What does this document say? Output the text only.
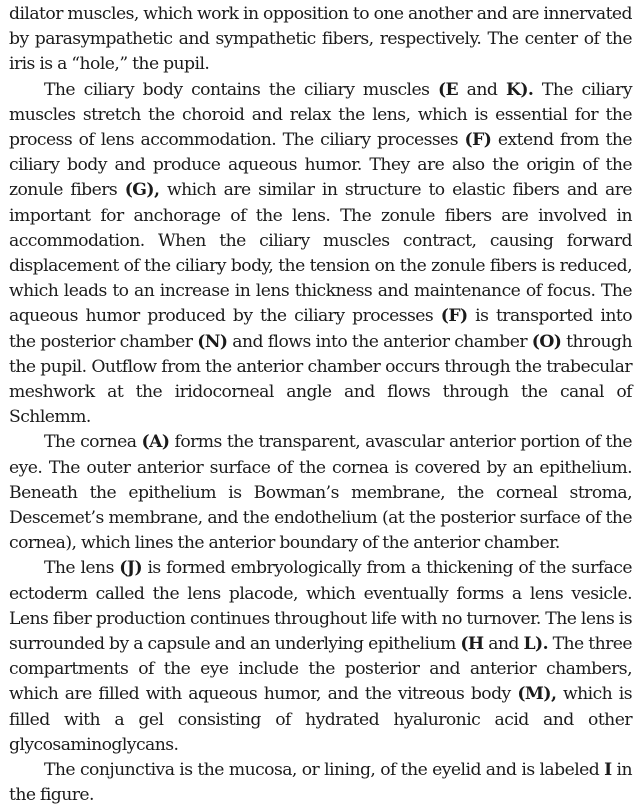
dilator muscles, which work in opposition to one another and are innervated by parasympathetic and sympathetic fibers, respectively. The center of the iris is a “hole,” the pupil.

The ciliary body contains the ciliary muscles (E and K). The ciliary muscles stretch the choroid and relax the lens, which is essential for the process of lens accommodation. The ciliary processes (F) extend from the ciliary body and produce aqueous humor. They are also the origin of the zonule fibers (G), which are similar in structure to elastic fibers and are important for anchorage of the lens. The zonule fibers are involved in accommodation. When the ciliary muscles contract, causing forward displacement of the ciliary body, the tension on the zonule fibers is reduced, which leads to an increase in lens thickness and maintenance of focus. The aqueous humor produced by the ciliary processes (F) is transported into the posterior chamber (N) and flows into the anterior chamber (O) through the pupil. Outflow from the anterior chamber occurs through the trabecular meshwork at the iridocorneal angle and flows through the canal of Schlemm.

The cornea (A) forms the transparent, avascular anterior portion of the eye. The outer anterior surface of the cornea is covered by an epithelium. Beneath the epithelium is Bowman’s membrane, the corneal stroma, Descemet’s membrane, and the endothelium (at the posterior surface of the cornea), which lines the anterior boundary of the anterior chamber.

The lens (J) is formed embryologically from a thickening of the surface ectoderm called the lens placode, which eventually forms a lens vesicle. Lens fiber production continues throughout life with no turnover. The lens is surrounded by a capsule and an underlying epithelium (H and L). The three compartments of the eye include the posterior and anterior chambers, which are filled with aqueous humor, and the vitreous body (M), which is filled with a gel consisting of hydrated hyaluronic acid and other glycosaminoglycans.

The conjunctiva is the mucosa, or lining, of the eyelid and is labeled I in the figure.
